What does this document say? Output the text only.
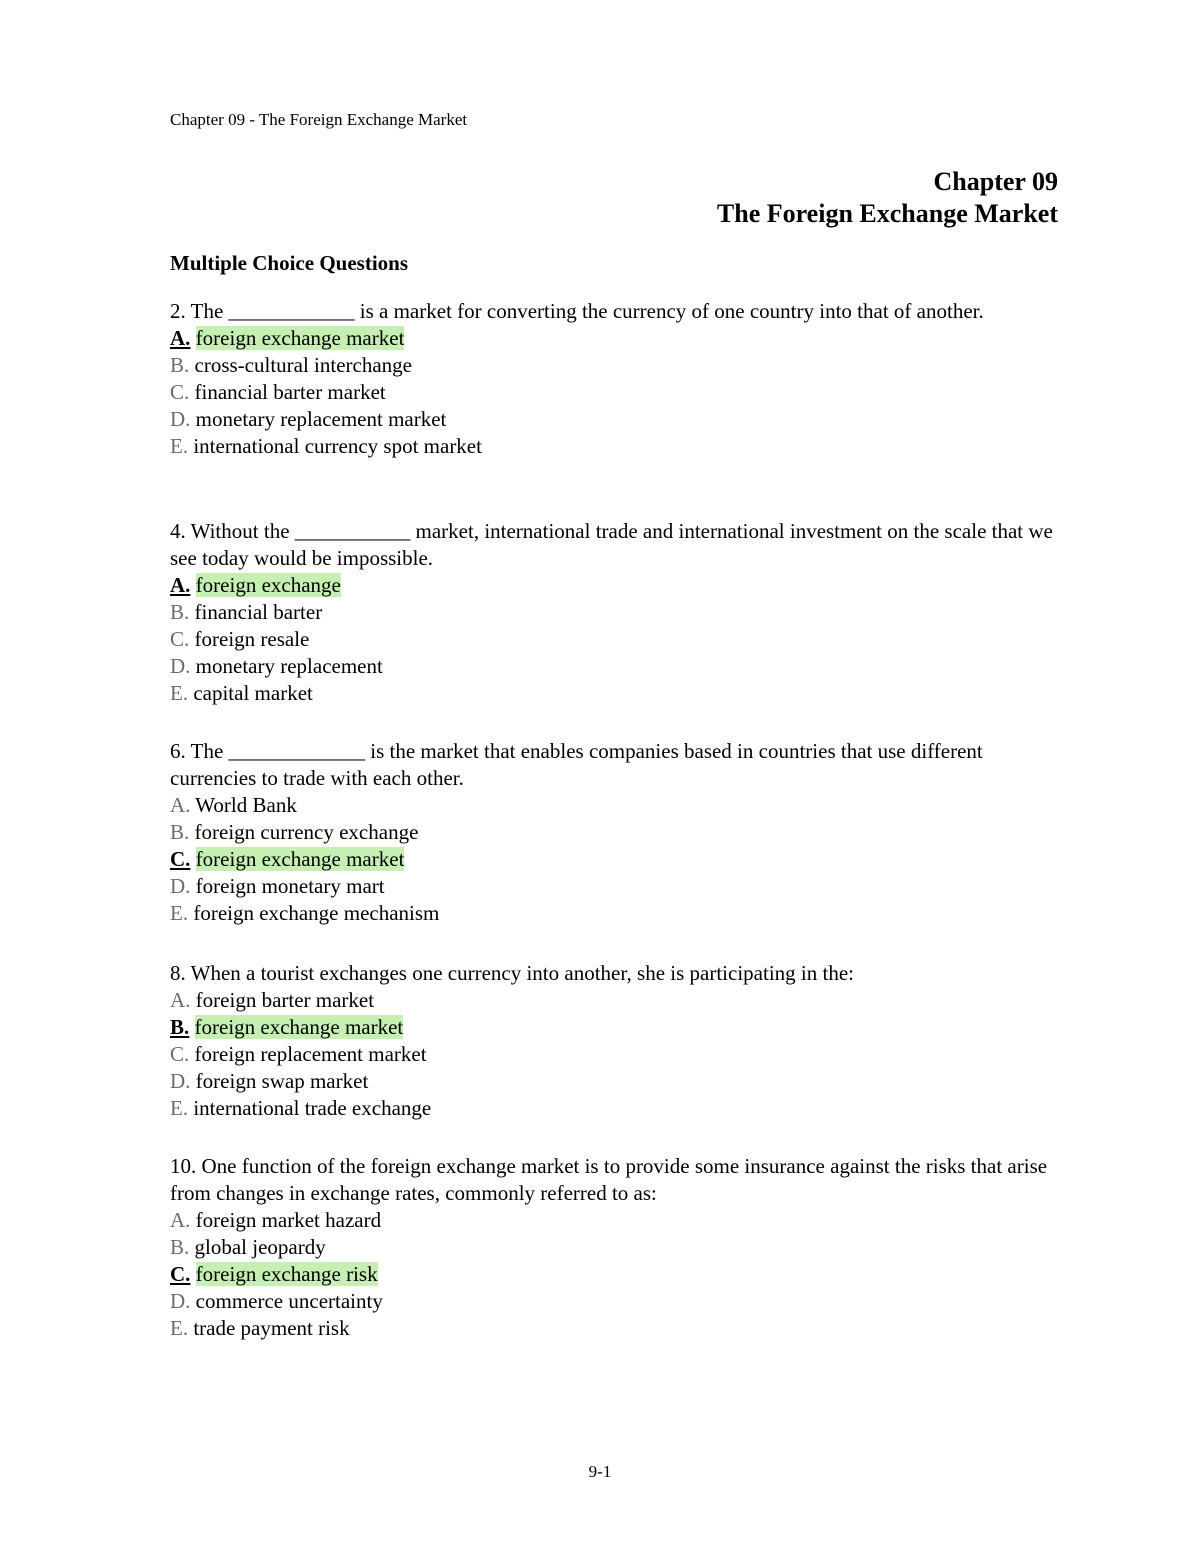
Chapter 09 - The Foreign Exchange Market
Chapter 09
The Foreign Exchange Market
Multiple Choice Questions

2. The ____________ is a market for converting the currency of one country into that of another.

A. foreign exchange market
B. cross-cultural interchange
C. financial barter market
D. monetary replacement market
E. international currency spot market

4. Without the ___________ market, international trade and international investment on the scale that we see today would be impossible.

A. foreign exchange
B. financial barter
C. foreign resale
D. monetary replacement
E. capital market

6. The _____________ is the market that enables companies based in countries that use different currencies to trade with each other.

A. World Bank
B. foreign currency exchange
C. foreign exchange market
D. foreign monetary mart
E. foreign exchange mechanism

8. When a tourist exchanges one currency into another, she is participating in the:

A. foreign barter market
B. foreign exchange market
C. foreign replacement market
D. foreign swap market
E. international trade exchange

10. One function of the foreign exchange market is to provide some insurance against the risks that arise from changes in exchange rates, commonly referred to as:

A. foreign market hazard
B. global jeopardy
C. foreign exchange risk
D. commerce uncertainty
E. trade payment risk
9-1
